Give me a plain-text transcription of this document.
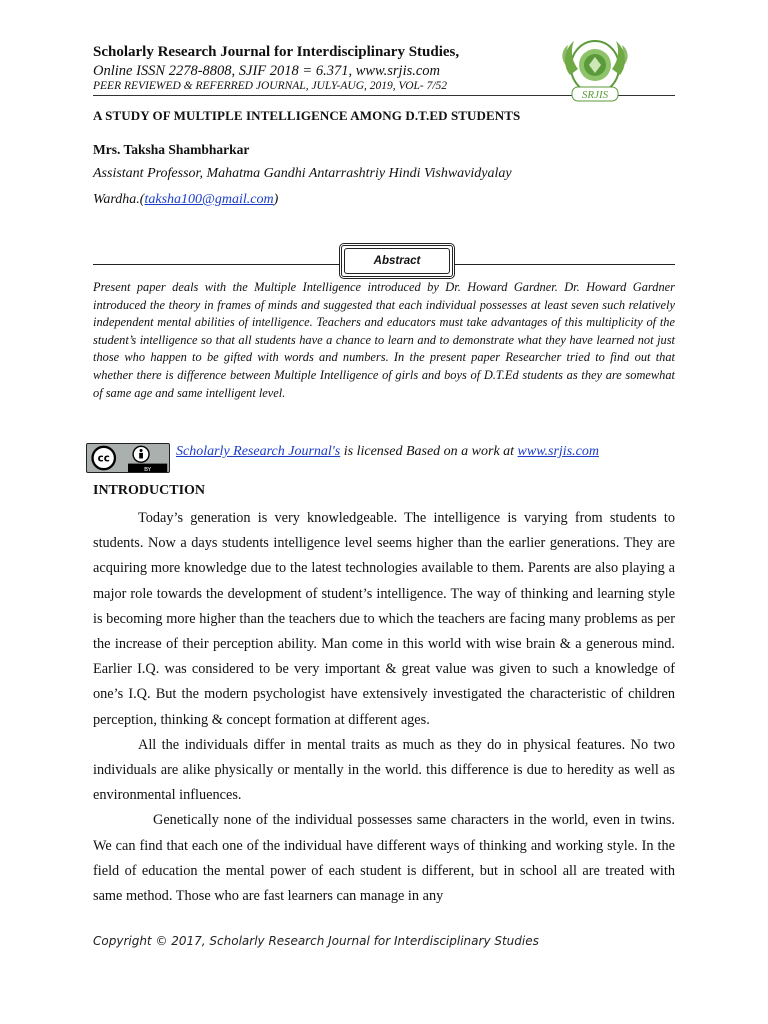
Scholarly Research Journal for Interdisciplinary Studies,
Online ISSN 2278-8808, SJIF 2018 = 6.371, www.srjis.com
PEER REVIEWED & REFERRED JOURNAL, JULY-AUG, 2019, VOL- 7/52
SRJIS
A STUDY OF MULTIPLE INTELLIGENCE AMONG D.T.ED STUDENTS
Mrs. Taksha Shambharkar
Assistant Professor, Mahatma Gandhi Antarrashtriy Hindi Vishwavidyalay
Wardha.(taksha100@gmail.com)
Abstract
Present paper deals with the Multiple Intelligence introduced by Dr. Howard Gardner. Dr. Howard Gardner introduced the theory in frames of minds and suggested that each individual possesses at least seven such relatively independent mental abilities of intelligence. Teachers and educators must take advantages of this multiplicity of the student’s intelligence so that all students have a chance to learn and to demonstrate what they have learned not just those who happen to be gifted with words and numbers. In the present paper Researcher tried to find out that whether there is difference between Multiple Intelligence of girls and boys of D.T.Ed students as they are somewhat of same age and same intelligent level.
cc
BY
Scholarly Research Journal's is licensed Based on a work at www.srjis.com
INTRODUCTION

Today’s generation is very knowledgeable. The intelligence is varying from students to students. Now a days students intelligence level seems higher than the earlier generations. They are acquiring more knowledge due to the latest technologies available to them. Parents are also playing a major role towards the development of student’s intelligence. The way of thinking and learning style is becoming more higher than the teachers due to which the teachers are facing many problems as per the increase of their perception ability. Man come in this world with wise brain & a generous mind. Earlier I.Q. was considered to be very important & great value was given to such a knowledge of one’s I.Q. But the modern psychologist have extensively investigated the characteristic of children perception, thinking & concept formation at different ages.

All the individuals differ in mental traits as much as they do in physical features. No two individuals are alike physically or mentally in the world. this difference is due to heredity as well as environmental influences.

Genetically none of the individual possesses same characters in the world, even in twins. We can find that each one of the individual have different ways of thinking and working style. In the field of education the mental power of each student is different, but in school all are treated with same method. Those who are fast learners can manage in any

Copyright © 2017, Scholarly Research Journal for Interdisciplinary Studies
